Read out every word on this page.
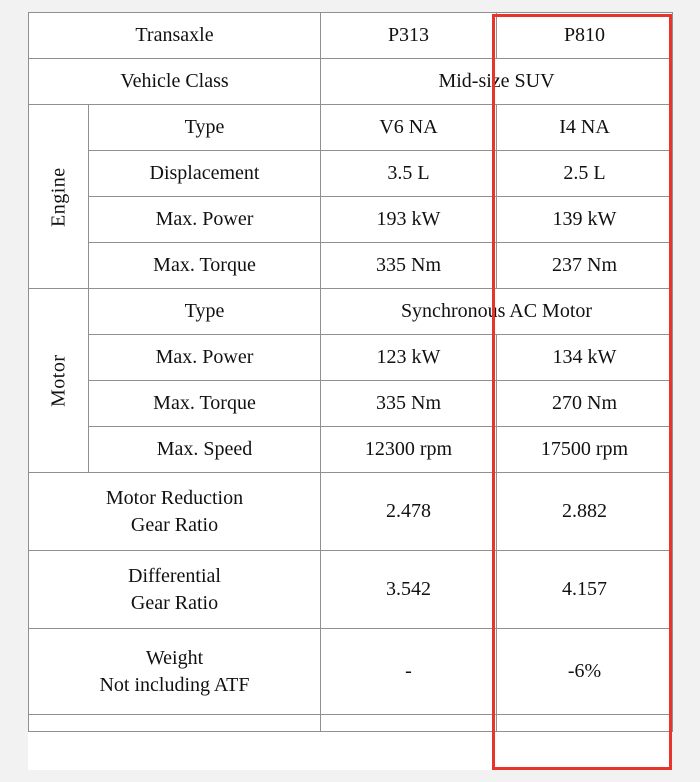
Transaxle		P313	P810
Vehicle Class		Mid-size SUV	
Engine	Type	V6 NA	I4 NA
	Displacement	3.5 L	2.5 L
	Max. Power	193 kW	139 kW
	Max. Torque	335 Nm	237 Nm
Motor	Type	Synchronous AC Motor	
	Max. Power	123 kW	134 kW
	Max. Torque	335 Nm	270 Nm
	Max. Speed	12300 rpm	17500 rpm

Motor Reduction
Gear Ratio		2.478	2.882

Differential
Gear Ratio		3.542	4.157

Weight
Not including ATF		-	-6%
